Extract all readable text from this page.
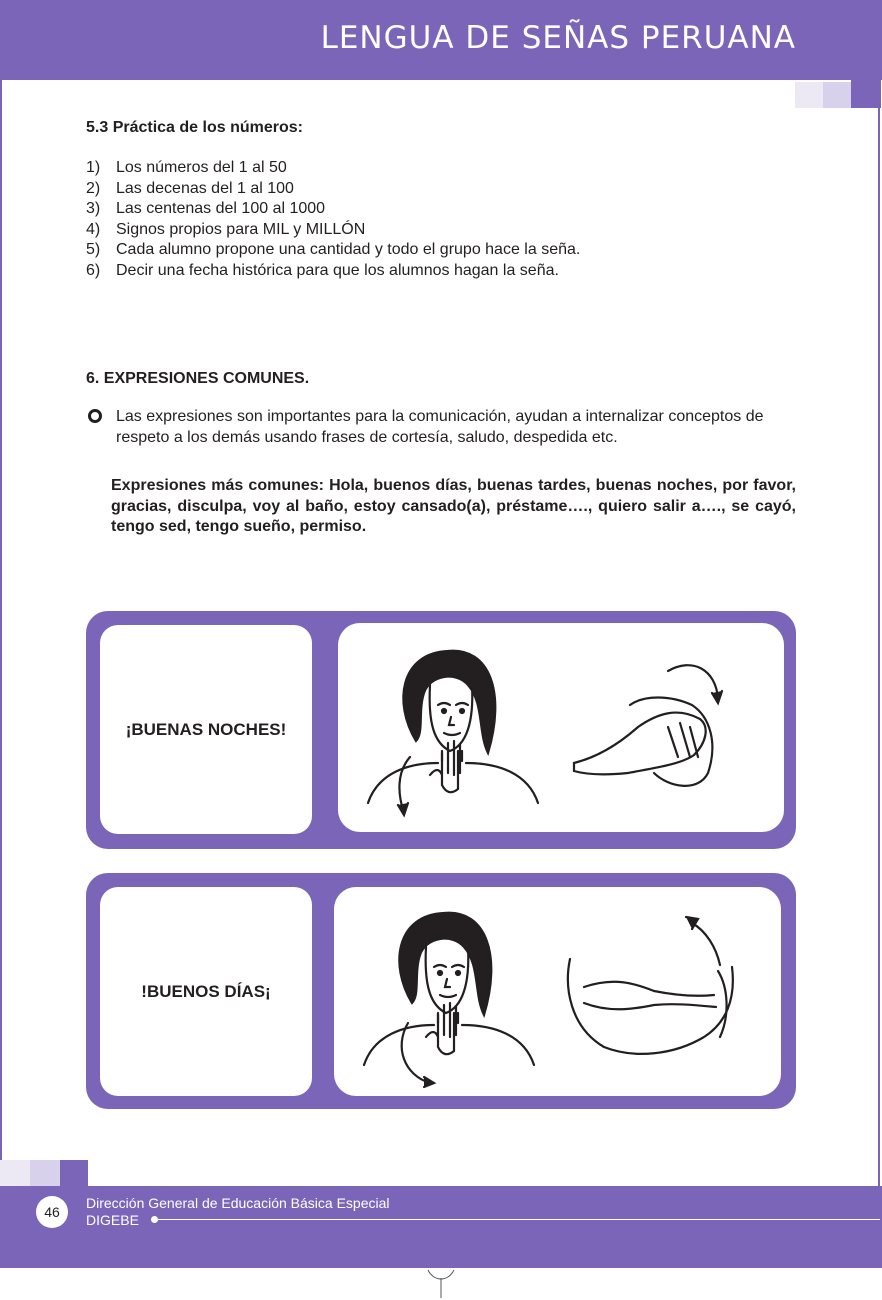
LENGUA DE SEÑAS PERUANA
5.3 Práctica de los números:
1) Los números del 1 al 50
2) Las decenas del 1 al 100
3) Las centenas del 100 al 1000
4) Signos propios para MIL y MILLÓN
5) Cada alumno propone una cantidad y todo el grupo hace la seña.
6) Decir una fecha histórica para que los alumnos hagan la seña.
6. EXPRESIONES COMUNES.
Las expresiones son importantes para la comunicación, ayudan a internalizar conceptos de respeto a los demás usando frases de cortesía, saludo, despedida etc.
Expresiones más comunes: Hola, buenos días, buenas tardes, buenas noches, por favor, gracias, disculpa, voy al baño, estoy cansado(a), préstame…., quiero salir a…., se cayó, tengo sed, tengo sueño, permiso.
¡BUENAS NOCHES!
!BUENOS DÍAS¡
46
Dirección General de Educación Básica Especial
DIGEBE
